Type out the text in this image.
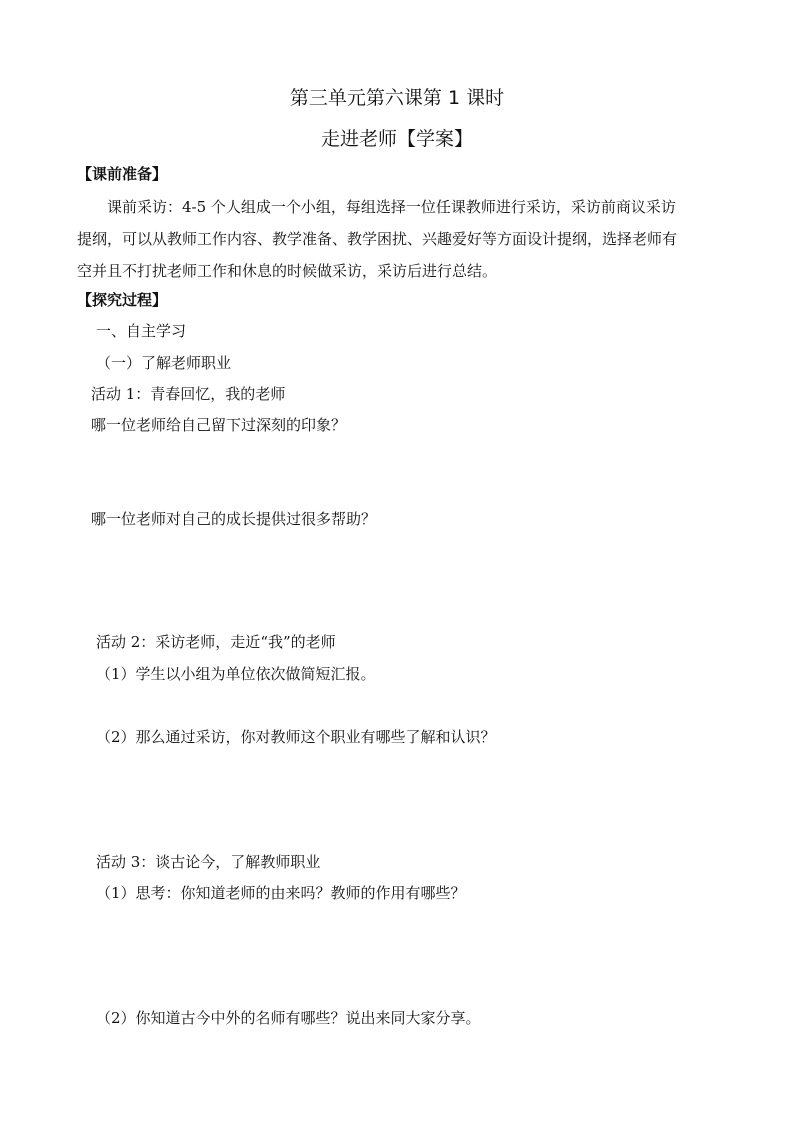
第三单元第六课第 1 课时
走进老师【学案】
【课前准备】
课前采访：4-5 个人组成一个小组，每组选择一位任课教师进行采访，采访前商议采访
提纲，可以从教师工作内容、教学准备、教学困扰、兴趣爱好等方面设计提纲，选择老师有
空并且不打扰老师工作和休息的时候做采访，采访后进行总结。
【探究过程】
一、自主学习
（一）了解老师职业
活动 1：青春回忆，我的老师
哪一位老师给自己留下过深刻的印象？
哪一位老师对自己的成长提供过很多帮助？
活动 2：采访老师，走近“我”的老师
（1）学生以小组为单位依次做简短汇报。
（2）那么通过采访，你对教师这个职业有哪些了解和认识？
活动 3：谈古论今，了解教师职业
（1）思考：你知道老师的由来吗？教师的作用有哪些？
（2）你知道古今中外的名师有哪些？说出来同大家分享。
